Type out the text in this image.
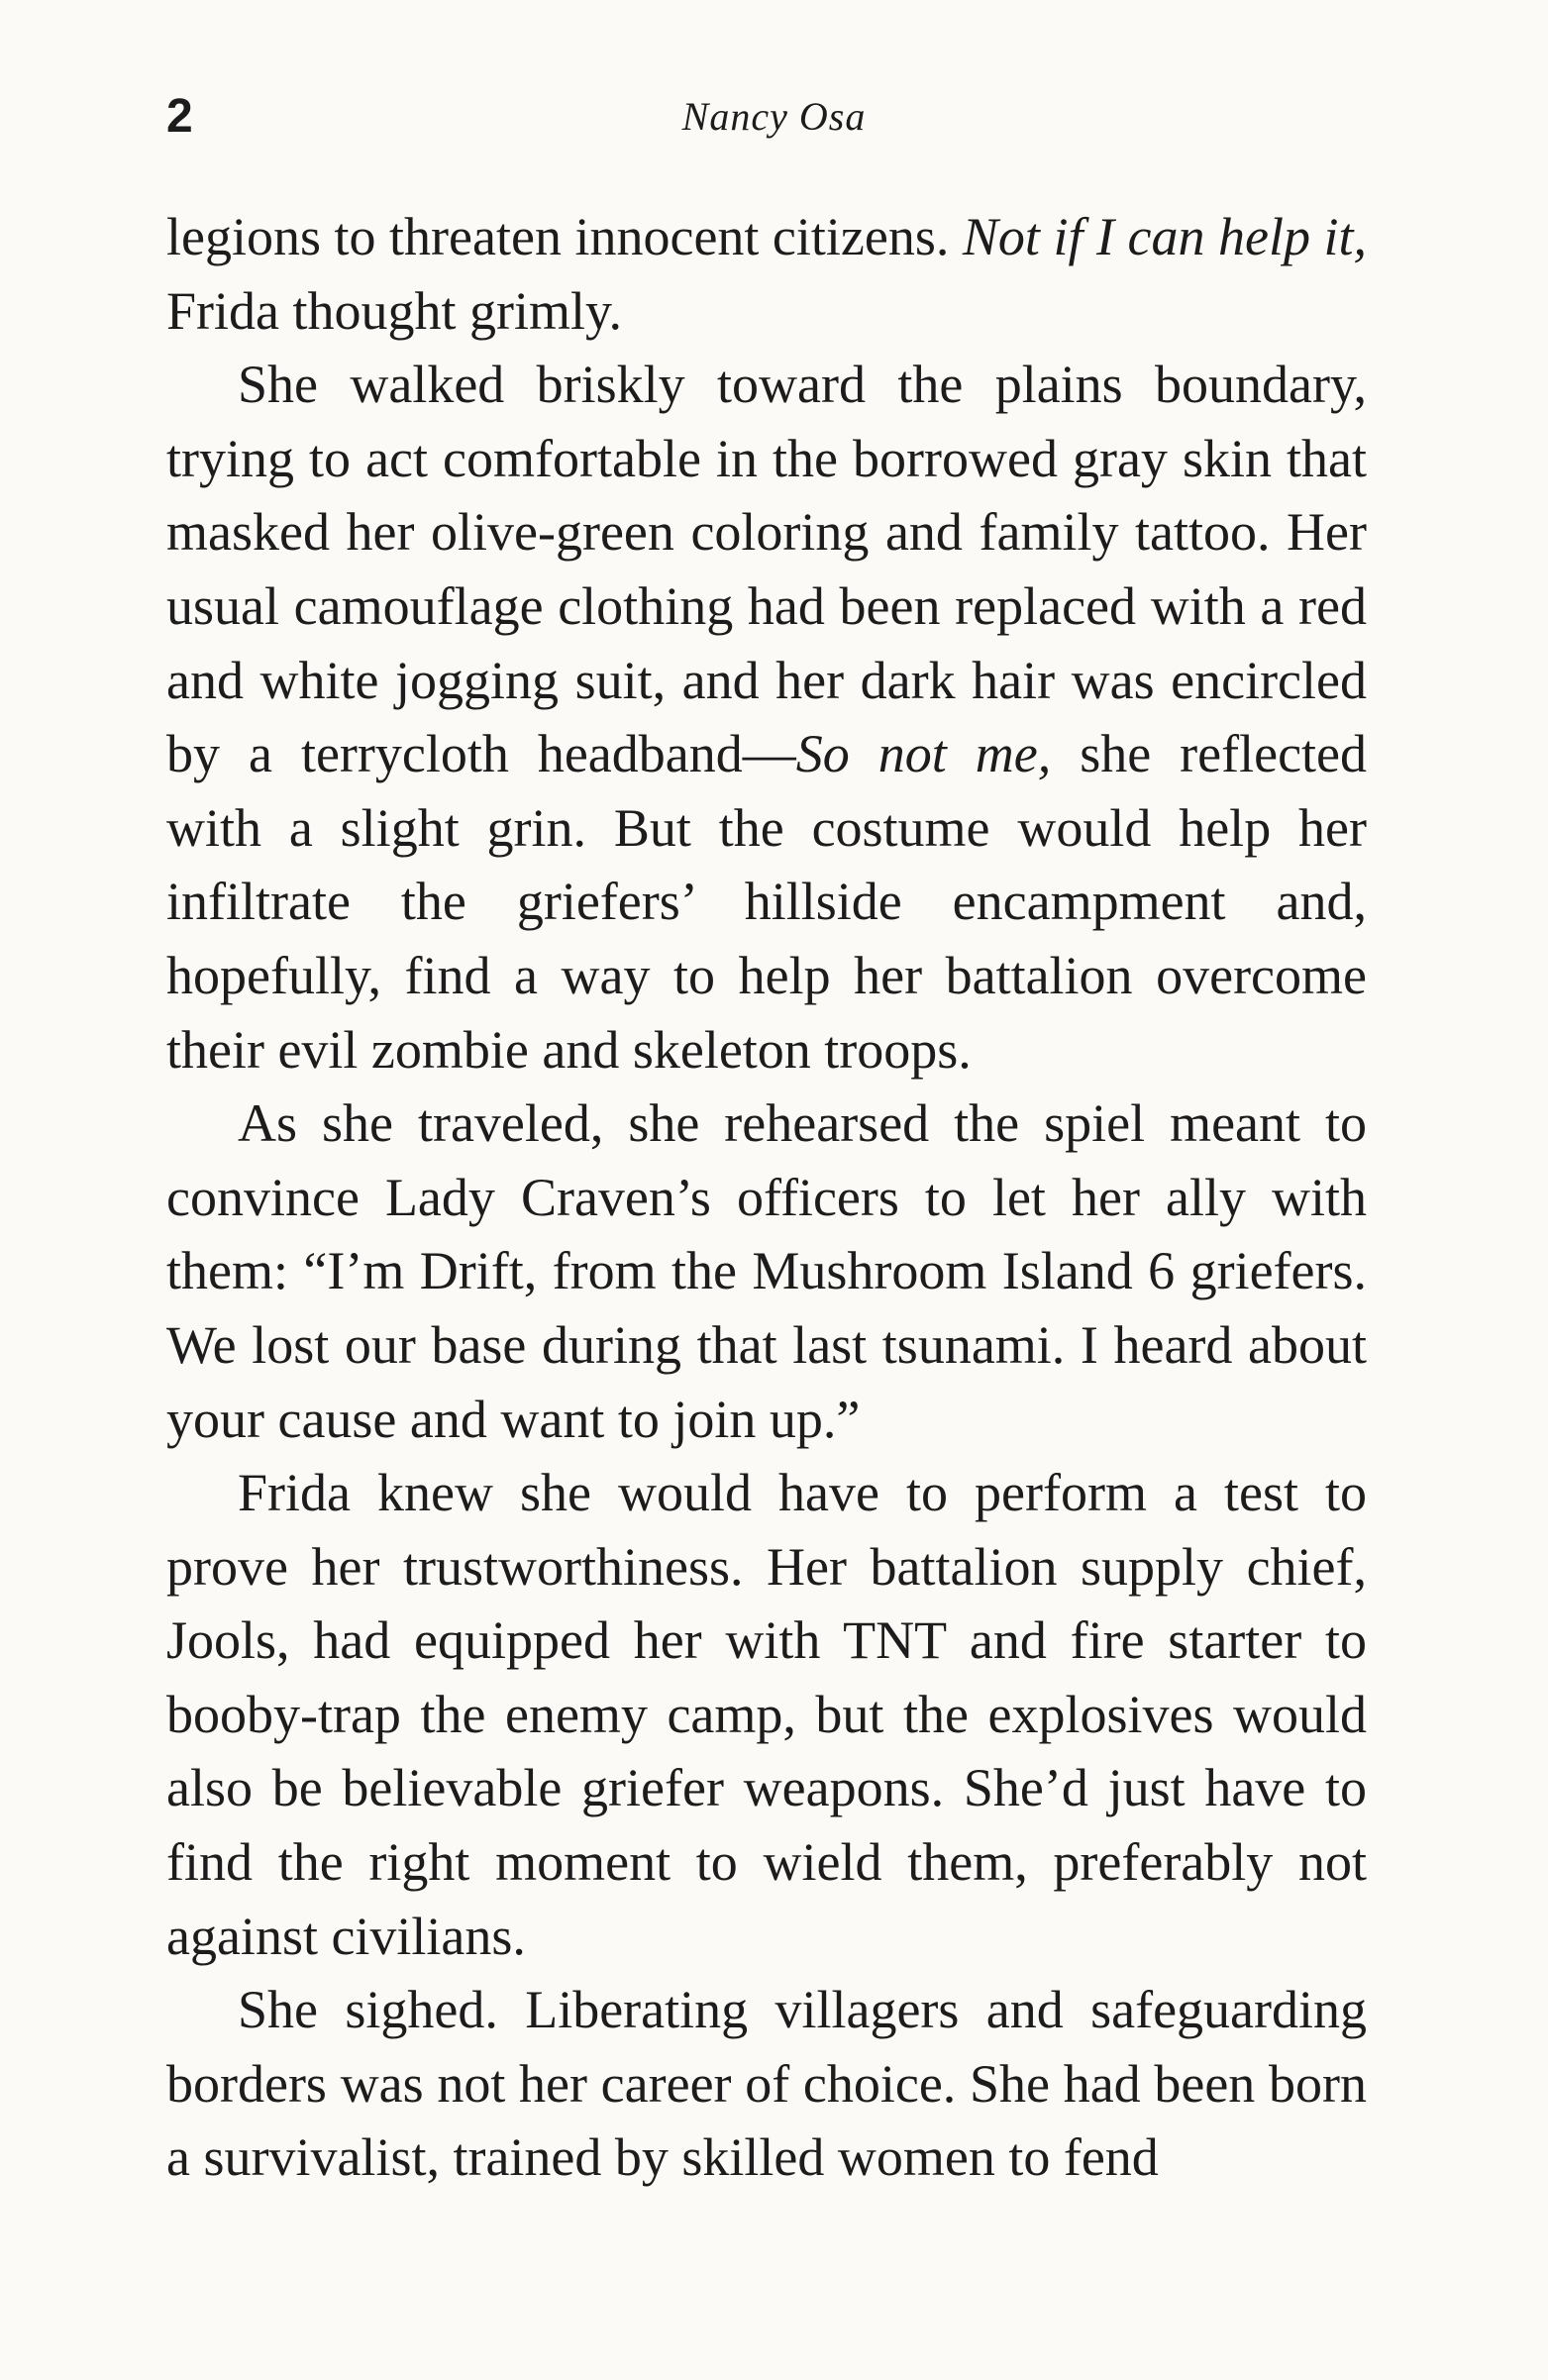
2	Nancy Osa

legions to threaten innocent citizens. Not if I can help it, Frida thought grimly.

She walked briskly toward the plains boundary, trying to act comfortable in the borrowed gray skin that masked her olive-green coloring and family tattoo. Her usual camouflage clothing had been replaced with a red and white jogging suit, and her dark hair was encircled by a terrycloth headband—So not me, she reflected with a slight grin. But the costume would help her infiltrate the griefers’ hillside encampment and, hopefully, find a way to help her battalion overcome their evil zombie and skeleton troops.

As she traveled, she rehearsed the spiel meant to convince Lady Craven’s officers to let her ally with them: “I’m Drift, from the Mushroom Island 6 griefers. We lost our base during that last tsunami. I heard about your cause and want to join up.”

Frida knew she would have to perform a test to prove her trustworthiness. Her battalion supply chief, Jools, had equipped her with TNT and fire starter to booby-trap the enemy camp, but the explosives would also be believable griefer weapons. She’d just have to find the right moment to wield them, preferably not against civilians.

She sighed. Liberating villagers and safeguarding borders was not her career of choice. She had been born a survivalist, trained by skilled women to fend
